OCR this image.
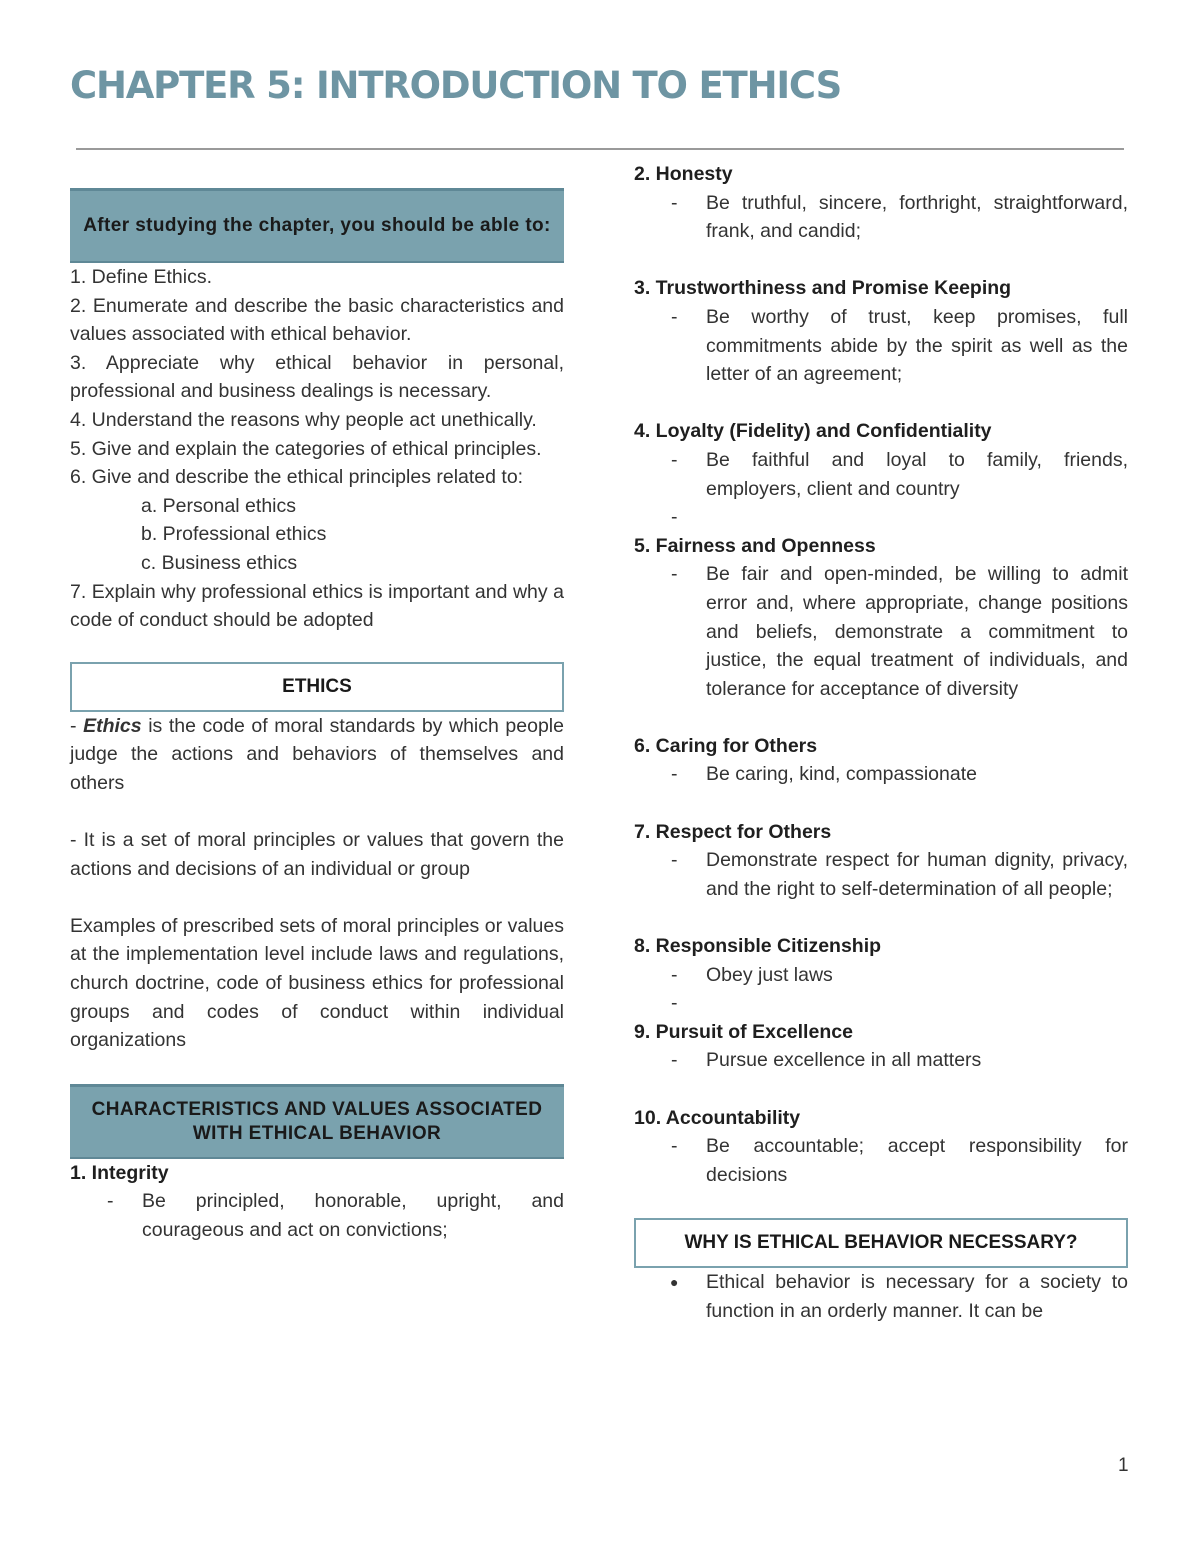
CHAPTER 5: INTRODUCTION TO ETHICS
After studying the chapter, you should be able to:

1. Define Ethics.

2. Enumerate and describe the basic characteristics and values associated with ethical behavior.

3. Appreciate why ethical behavior in personal, professional and business dealings is necessary.

4. Understand the reasons why people act unethically.

5. Give and explain the categories of ethical principles.

6. Give and describe the ethical principles related to:

a. Personal ethics

b. Professional ethics

c. Business ethics

7. Explain why professional ethics is important and why a code of conduct should be adopted

ETHICS

- Ethics is the code of moral standards by which people judge the actions and behaviors of themselves and others

- It is a set of moral principles or values that govern the actions and decisions of an individual or group

Examples of prescribed sets of moral principles or values at the implementation level include laws and regulations, church doctrine, code of business ethics for professional groups and codes of conduct within individual organizations

CHARACTERISTICS AND VALUES ASSOCIATED WITH ETHICAL BEHAVIOR

1. Integrity

-	Be principled, honorable, upright, and courageous and act on convictions;

2. Honesty

-	Be truthful, sincere, forthright, straightforward, frank, and candid;

3. Trustworthiness and Promise Keeping

-	Be worthy of trust, keep promises, full commitments abide by the spirit as well as the letter of an agreement;

4. Loyalty (Fidelity) and Confidentiality

-	Be faithful and loyal to family, friends, employers, client and country
-

5. Fairness and Openness

-	Be fair and open-minded, be willing to admit error and, where appropriate, change positions and beliefs, demonstrate a commitment to justice, the equal treatment of individuals, and tolerance for acceptance of diversity

6. Caring for Others

-	Be caring, kind, compassionate

7. Respect for Others

-	Demonstrate respect for human dignity, privacy, and the right to self-determination of all people;

8. Responsible Citizenship

-	Obey just laws
-

9. Pursuit of Excellence

-	Pursue excellence in all matters

10. Accountability

-	Be accountable; accept responsibility for decisions
WHY IS ETHICAL BEHAVIOR NECESSARY?
●	Ethical behavior is necessary for a society to function in an orderly manner. It can be
1
